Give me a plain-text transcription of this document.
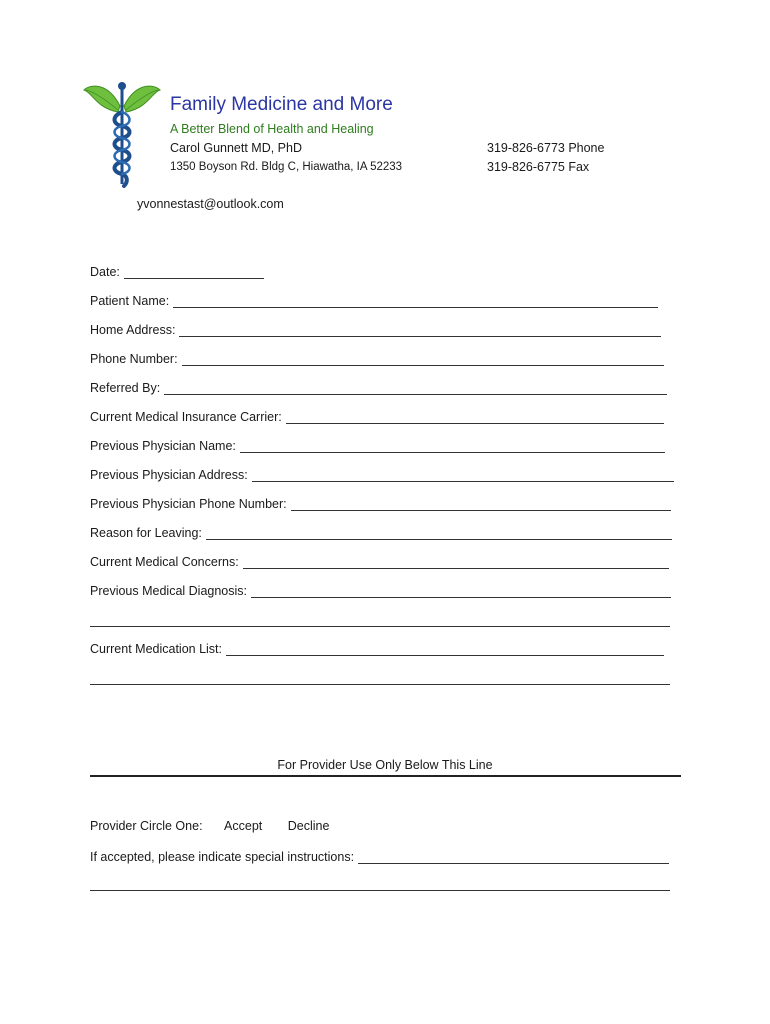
Family Medicine and More
A Better Blend of Health and Healing
Carol Gunnett MD, PhD
1350 Boyson Rd. Bldg C, Hiawatha, IA 52233
319-826-6773 Phone
319-826-6775 Fax
yvonnestast@outlook.com
Date:
Patient Name:
Home Address:
Phone Number:
Referred By:
Current Medical Insurance Carrier:
Previous Physician Name:
Previous Physician Address:
Previous Physician Phone Number:
Reason for Leaving:
Current Medical Concerns:
Previous Medical Diagnosis:
Current Medication List:
For Provider Use Only Below This Line
Provider Circle One: Accept Decline
If accepted, please indicate special instructions:
